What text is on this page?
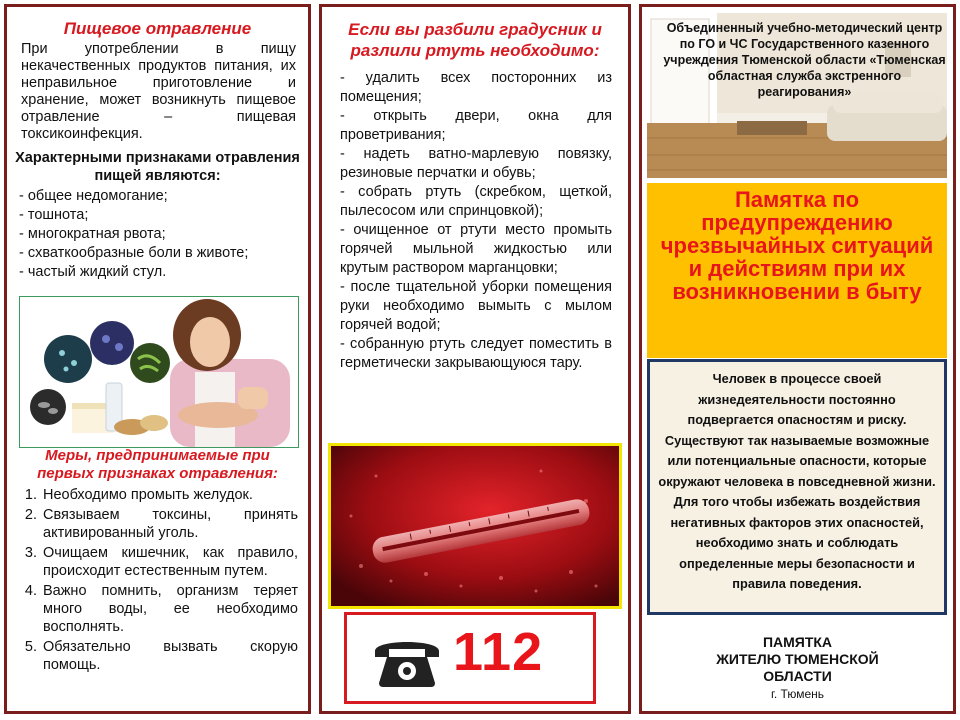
Пищевое отравление
При употреблении в пищу некачественных продуктов питания, их неправильное приготовление и хранение, может возникнуть пищевое отравление – пищевая токсикоинфекция.
Характерными признаками отравления пищей являются:
- общее недомогание;
- тошнота;
- многократная рвота;
- схваткообразные боли в животе;
- частый жидкий стул.
Меры, предпринимаемые при первых признаках отравления:
1. Необходимо промыть желудок.
2. Связываем токсины, принять активированный уголь.
3. Очищаем кишечник, как правило, происходит естественным путем.
4. Важно помнить, организм теряет много воды, ее необходимо восполнять.
5. Обязательно вызвать скорую помощь.
Если вы разбили градусник и разлили ртуть необходимо:

- удалить всех посторонних из помещения;

- открыть двери, окна для проветривания;

- надеть ватно-марлевую повязку, резиновые перчатки и обувь;

- собрать ртуть (скребком, щеткой, пылесосом или спринцовкой);

- очищенное от ртути место промыть горячей мыльной жидкостью или крутым раствором марганцовки;

- после тщательной уборки помещения руки необходимо вымыть с мылом горячей водой;

- собранную ртуть следует поместить в герметически закрывающуюся тару.

112
Объединенный учебно-методический центр по ГО и ЧС Государственного казенного учреждения Тюменской области «Тюменская областная служба экстренного реагирования»
Памятка по предупреждению чрезвычайных ситуаций и действиям при их возникновении в быту
Человек в процессе своей жизнедеятельности постоянно подвергается опасностям и риску. Существуют так называемые возможные или потенциальные опасности, которые окружают человека в повседневной жизни. Для того чтобы избежать воздействия негативных факторов этих опасностей, необходимо знать и соблюдать определенные меры безопасности и правила поведения.
ПАМЯТКА
ЖИТЕЛЮ ТЮМЕНСКОЙ
ОБЛАСТИ
г. Тюмень
